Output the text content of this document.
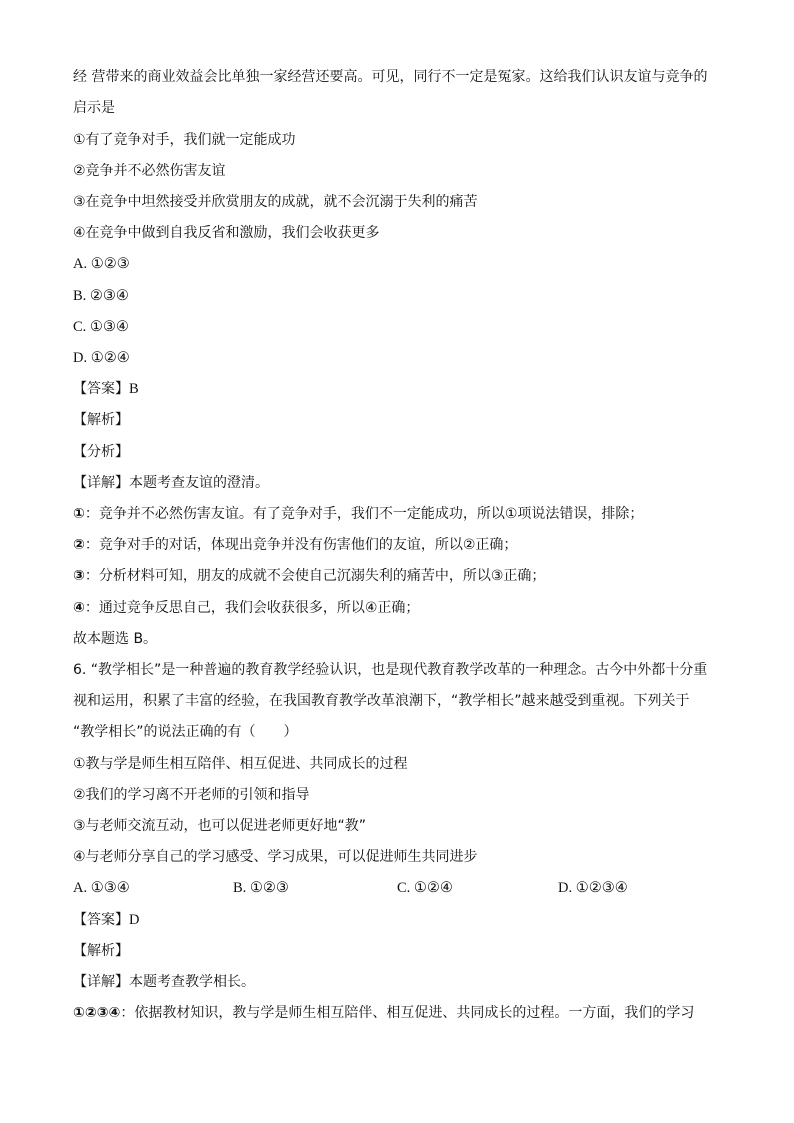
经 营带来的商业效益会比单独一家经营还要高。可见，同行不一定是冤家。这给我们认识友谊与竞争的

启示是

①有了竞争对手，我们就一定能成功

②竞争并不必然伤害友谊

③在竞争中坦然接受并欣赏朋友的成就，就不会沉溺于失利的痛苦

④在竞争中做到自我反省和激励，我们会收获更多

A. ①②③

B. ②③④

C. ①③④

D. ①②④

【答案】B

【解析】

【分析】

【详解】本题考查友谊的澄清。

①：竞争并不必然伤害友谊。有了竞争对手，我们不一定能成功，所以①项说法错误，排除；

②：竞争对手的对话，体现出竞争并没有伤害他们的友谊，所以②正确；

③：分析材料可知，朋友的成就不会使自己沉溺失利的痛苦中，所以③正确；

④：通过竞争反思自己，我们会收获很多，所以④正确；

故本题选 B。

6. “教学相长”是一种普遍的教育教学经验认识，也是现代教育教学改革的一种理念。古今中外都十分重

视和运用，积累了丰富的经验，在我国教育教学改革浪潮下，“教学相长”越来越受到重视。下列关于

“教学相长”的说法正确的有（　　）

①教与学是师生相互陪伴、相互促进、共同成长的过程

②我们的学习离不开老师的引领和指导

③与老师交流互动，也可以促进老师更好地“教”

④与老师分享自己的学习感受、学习成果，可以促进师生共同进步

A. ①③④	B. ①②③	C. ①②④	D. ①②③④

【答案】D

【解析】

【详解】本题考查教学相长。

①②③④：依据教材知识，教与学是师生相互陪伴、相互促进、共同成长的过程。一方面，我们的学习
